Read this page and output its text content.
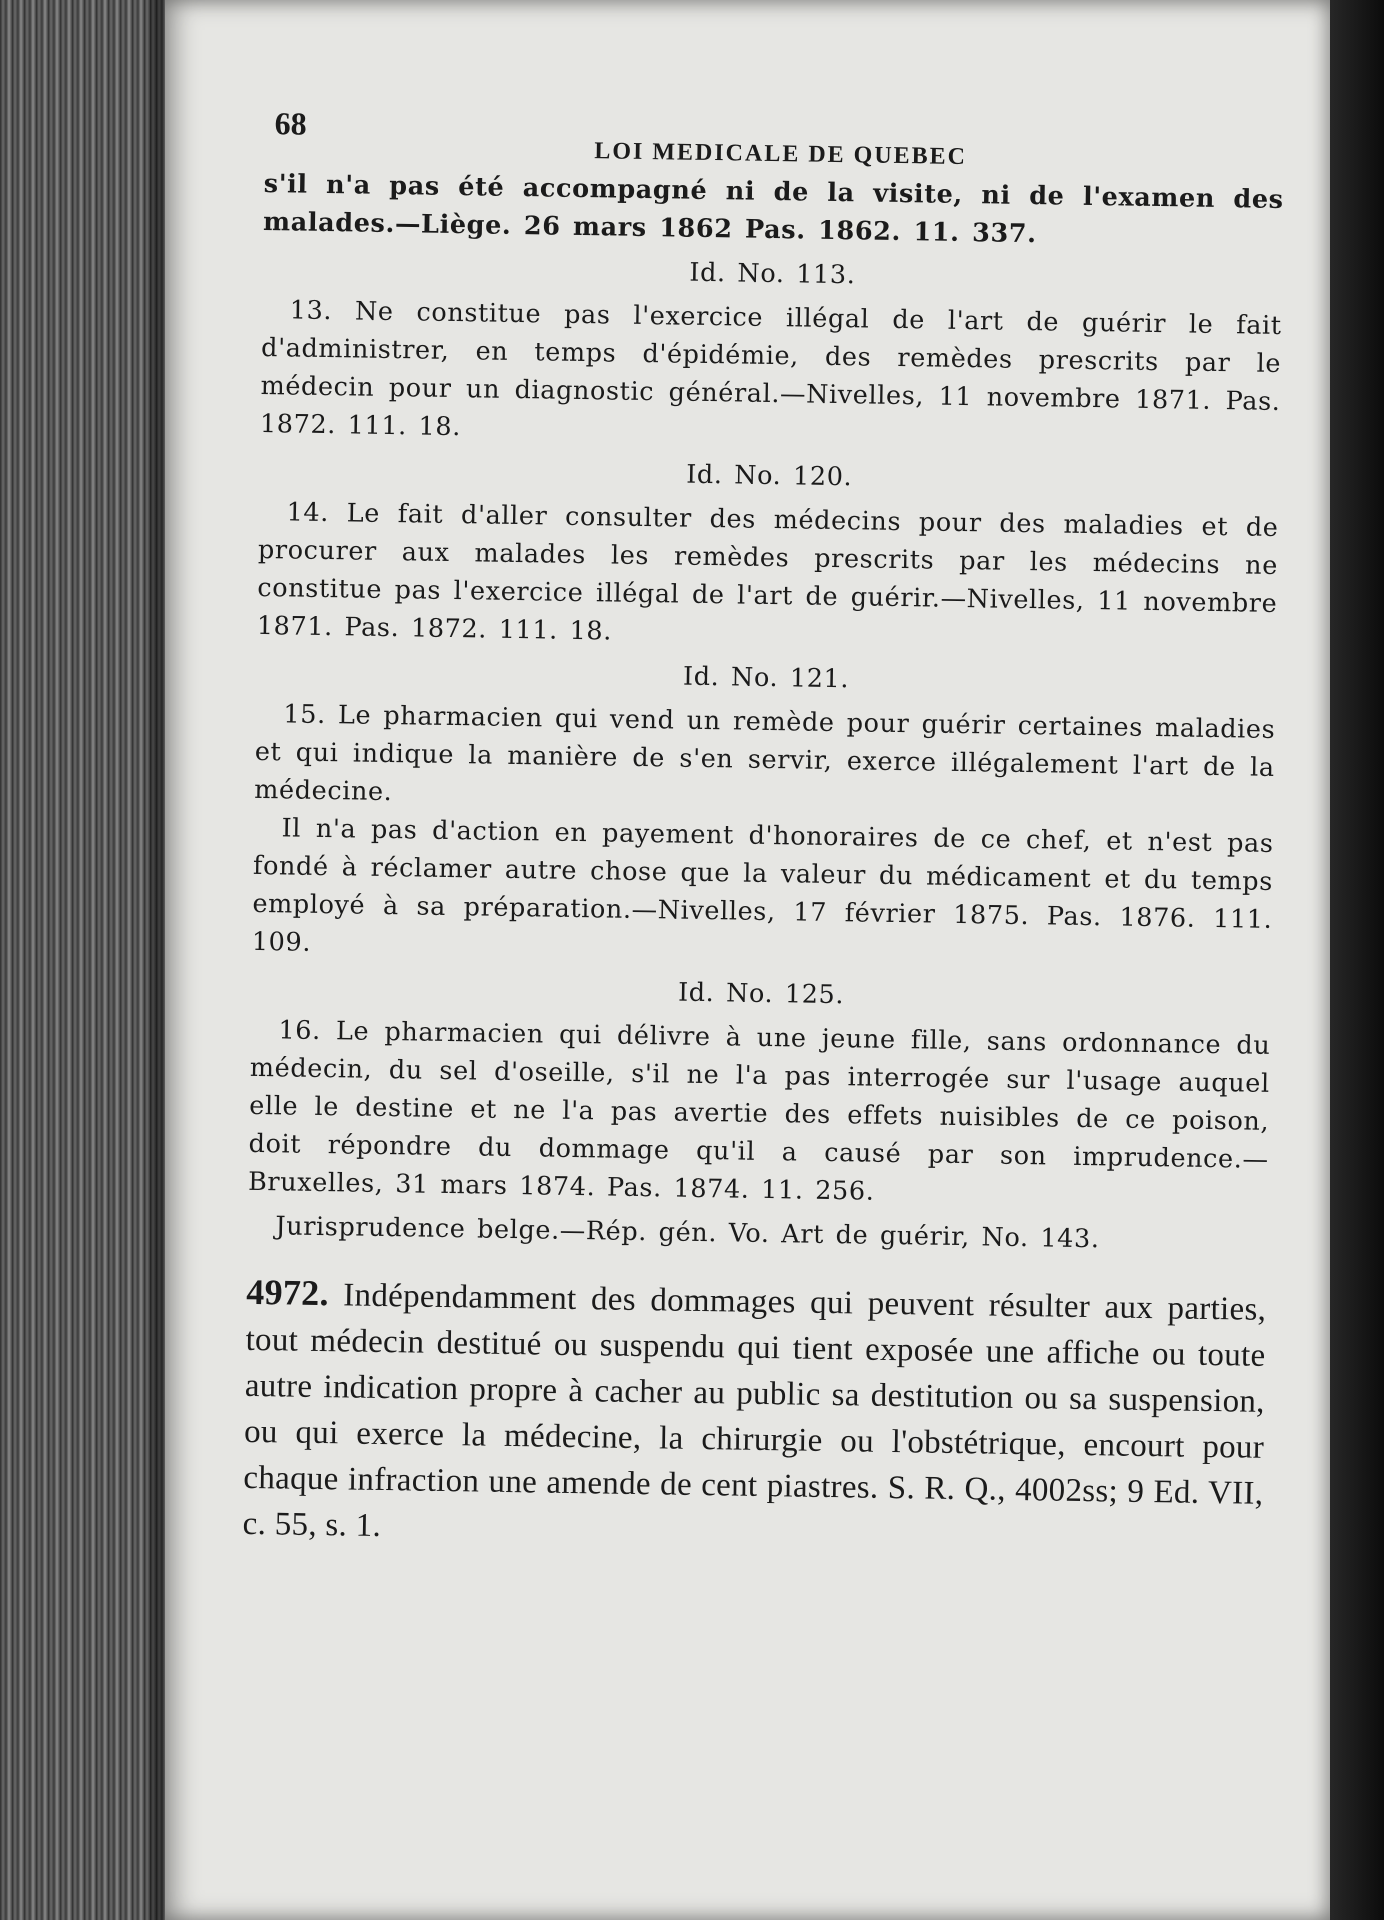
68
LOI MEDICALE DE QUEBEC

s'il n'a pas été accompagné ni de la visite, ni de l'examen des malades.—Liège. 26 mars 1862 Pas. 1862. 11. 337.

Id. No. 113.

13. Ne constitue pas l'exercice illégal de l'art de guérir le fait d'administrer, en temps d'épidémie, des remèdes prescrits par le médecin pour un diagnostic général.—Nivelles, 11 novembre 1871. Pas. 1872. 111. 18.

Id. No. 120.

14. Le fait d'aller consulter des médecins pour des maladies et de procurer aux malades les remèdes prescrits par les médecins ne constitue pas l'exercice illégal de l'art de guérir.—Nivelles, 11 novembre 1871. Pas. 1872. 111. 18.

Id. No. 121.

15. Le pharmacien qui vend un remède pour guérir certaines maladies et qui indique la manière de s'en servir, exerce illégalement l'art de la médecine.

Il n'a pas d'action en payement d'honoraires de ce chef, et n'est pas fondé à réclamer autre chose que la valeur du médicament et du temps employé à sa préparation.—Nivelles, 17 février 1875. Pas. 1876. 111. 109.

Id. No. 125.

16. Le pharmacien qui délivre à une jeune fille, sans ordonnance du médecin, du sel d'oseille, s'il ne l'a pas interrogée sur l'usage auquel elle le destine et ne l'a pas avertie des effets nuisibles de ce poison, doit répondre du dommage qu'il a causé par son imprudence.—Bruxelles, 31 mars 1874. Pas. 1874. 11. 256.

Jurisprudence belge.—Rép. gén. Vo. Art de guérir, No. 143.

4972. Indépendamment des dommages qui peuvent résulter aux parties, tout médecin destitué ou suspendu qui tient exposée une affiche ou toute autre indication propre à cacher au public sa destitution ou sa suspension, ou qui exerce la médecine, la chirurgie ou l'obstétrique, encourt pour chaque infraction une amende de cent piastres. S. R. Q., 4002ss; 9 Ed. VII, c. 55, s. 1.
